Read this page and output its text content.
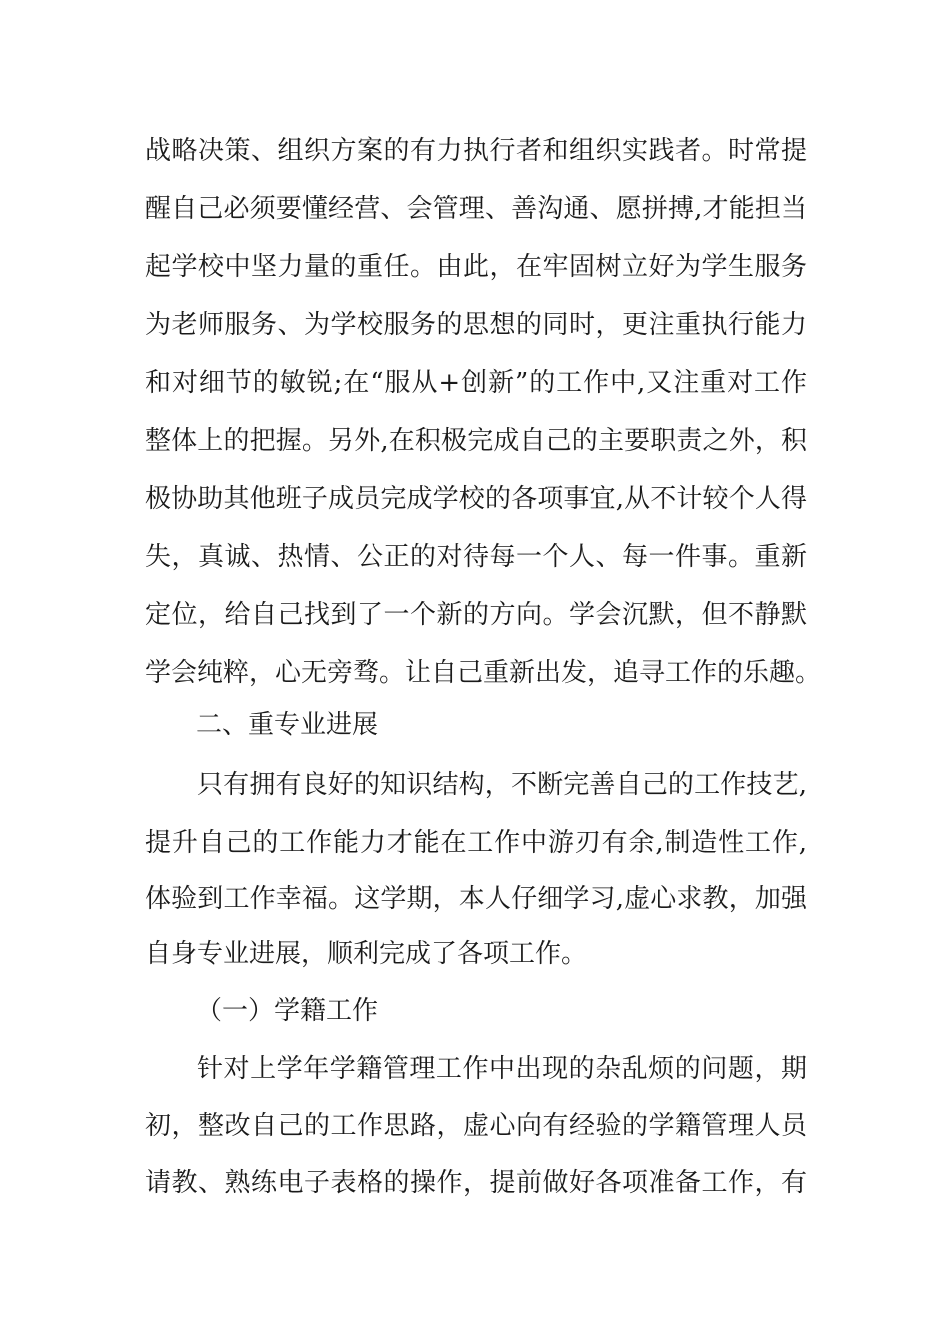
战略决策、组织方案的有力执行者和组织实践者。时常提
醒自己必须要懂经营、会管理、善沟通、愿拼搏,才能担当
起学校中坚力量的重任。由此，在牢固树立好为学生服务
为老师服务、为学校服务的思想的同时，更注重执行能力
和对细节的敏锐;在“服从+创新”的工作中,又注重对工作
整体上的把握。另外,在积极完成自己的主要职责之外，积
极协助其他班子成员完成学校的各项事宜,从不计较个人得
失，真诚、热情、公正的对待每一个人、每一件事。重新
定位，给自己找到了一个新的方向。学会沉默，但不静默
学会纯粹，心无旁骛。让自己重新出发，追寻工作的乐趣。
二、重专业进展
只有拥有良好的知识结构，不断完善自己的工作技艺,
提升自己的工作能力才能在工作中游刃有余,制造性工作,
体验到工作幸福。这学期，本人仔细学习,虚心求教，加强
自身专业进展，顺利完成了各项工作。
（一）学籍工作
针对上学年学籍管理工作中出现的杂乱烦的问题，期
初，整改自己的工作思路，虚心向有经验的学籍管理人员
请教、熟练电子表格的操作，提前做好各项准备工作，有
